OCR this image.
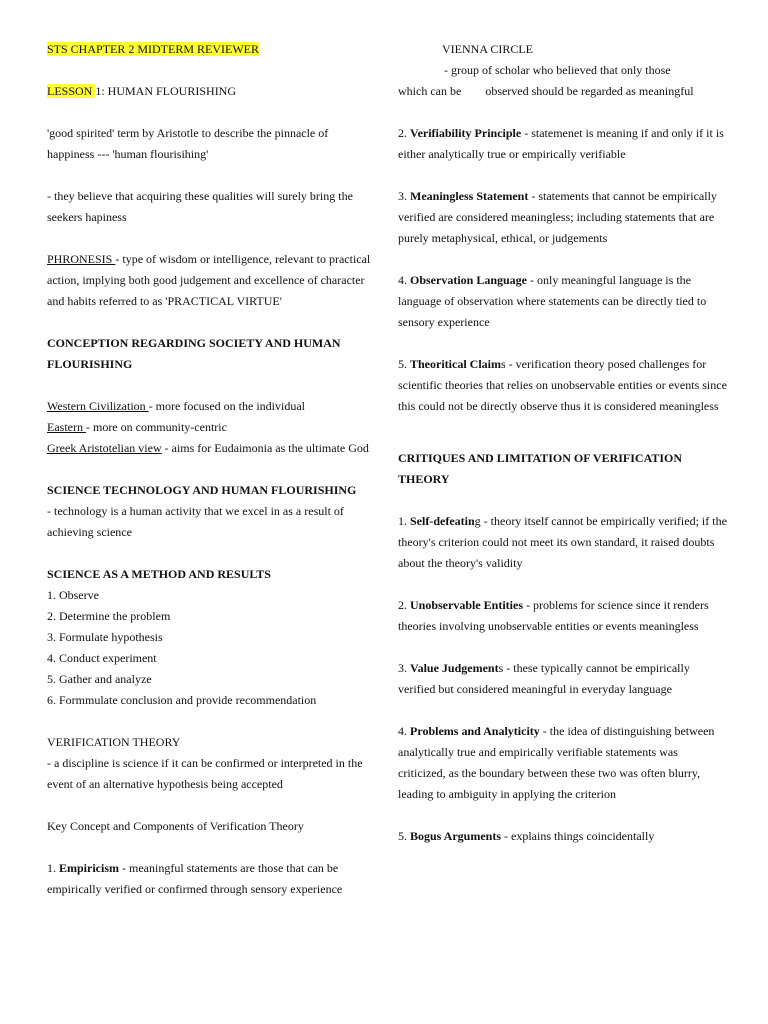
STS CHAPTER 2 MIDTERM REVIEWER

LESSON 1: HUMAN FLOURISHING

'good spirited' term by Aristotle to describe the pinnacle of happiness --- 'human flourisihing'

- they believe that acquiring these qualities will surely bring the seekers hapiness

PHRONESIS - type of wisdom or intelligence, relevant to practical action, implying both good judgement and excellence of character and habits referred to as 'PRACTICAL VIRTUE'

CONCEPTION REGARDING SOCIETY AND HUMAN FLOURISHING

Western Civilization - more focused on the individual

Eastern - more on community-centric

Greek Aristotelian view - aims for Eudaimonia as the ultimate God

SCIENCE TECHNOLOGY AND HUMAN FLOURISHING

- technology is a human activity that we excel in as a result of achieving science

SCIENCE AS A METHOD AND RESULTS

1. Observe

2. Determine the problem

3. Formulate hypothesis

4. Conduct experiment

5. Gather and analyze

6. Formmulate conclusion and provide recommendation

VERIFICATION THEORY

- a discipline is science if it can be confirmed or interpreted in the event of an alternative hypothesis being accepted

Key Concept and Components of Verification Theory

1. Empiricism - meaningful statements are those that can be empirically verified or confirmed through sensory experience

VIENNA CIRCLE

- group of scholar who believed that only those

which can be observed should be regarded as meaningful

2. Verifiability Principle - statemenet is meaning if and only if it is either analytically true or empirically verifiable

3. Meaningless Statement - statements that cannot be empirically verified are considered meaningless; including statements that are purely metaphysical, ethical, or judgements

4. Observation Language - only meaningful language is the language of observation where statements can be directly tied to sensory experience

5. Theoritical Claims - verification theory posed challenges for scientific theories that relies on unobservable entities or events since this could not be directly observe thus it is considered meaningless

CRITIQUES AND LIMITATION OF VERIFICATION THEORY

1. Self-defeating - theory itself cannot be empirically verified; if the theory's criterion could not meet its own standard, it raised doubts about the theory's validity

2. Unobservable Entities - problems for science since it renders theories involving unobservable entities or events meaningless

3. Value Judgements - these typically cannot be empirically verified but considered meaningful in everyday language

4. Problems and Analyticity - the idea of distinguishing between analytically true and empirically verifiable statements was criticized, as the boundary between these two was often blurry, leading to ambiguity in applying the criterion

5. Bogus Arguments - explains things coincidentally
